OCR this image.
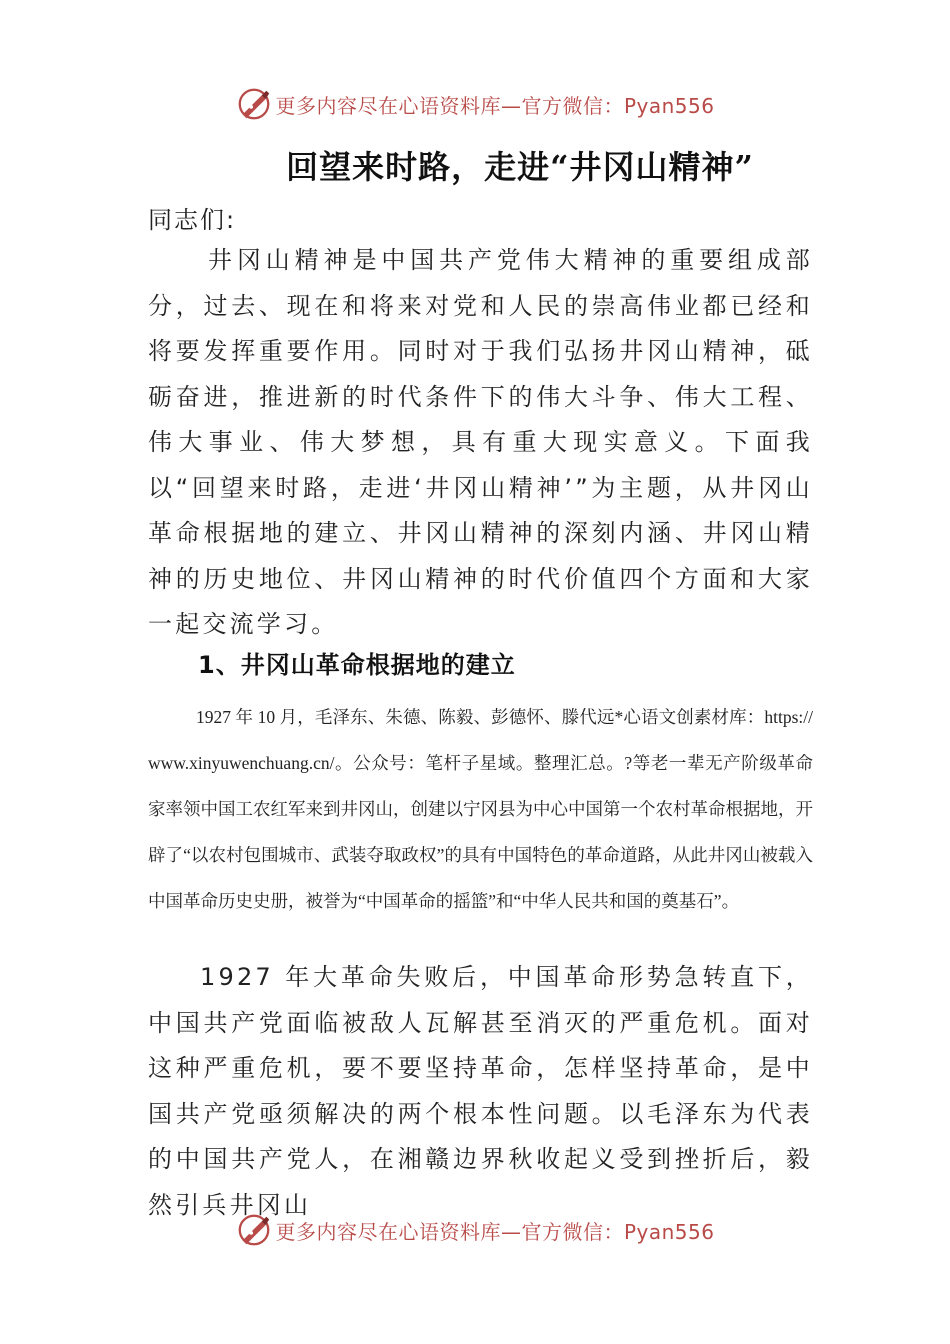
更多内容尽在心语资料库—官方微信：Pyan556
回望来时路，走进“井冈山精神”
同志们:

井冈山精神是中国共产党伟大精神的重要组成部分，过去、现在和将来对党和人民的崇高伟业都已经和将要发挥重要作用。同时对于我们弘扬井冈山精神，砥砺奋进，推进新的时代条件下的伟大斗争、伟大工程、伟大事业、伟大梦想，具有重大现实意义。下面我以“回望来时路，走进‘井冈山精神’”为主题，从井冈山革命根据地的建立、井冈山精神的深刻内涵、井冈山精神的历史地位、井冈山精神的时代价值四个方面和大家一起交流学习。

1、井冈山革命根据地的建立

1927 年 10 月，毛泽东、朱德、陈毅、彭德怀、滕代远*心语文创素材库：https://www.xinyuwenchuang.cn/。公众号：笔杆子星域。整理汇总。?等老一辈无产阶级革命家率领中国工农红军来到井冈山，创建以宁冈县为中心中国第一个农村革命根据地，开辟了“以农村包围城市、武装夺取政权”的具有中国特色的革命道路，从此井冈山被载入中国革命历史史册，被誉为“中国革命的摇篮”和“中华人民共和国的奠基石”。

1927 年大革命失败后，中国革命形势急转直下，中国共产党面临被敌人瓦解甚至消灭的严重危机。面对这种严重危机，要不要坚持革命，怎样坚持革命，是中国共产党亟须解决的两个根本性问题。以毛泽东为代表的中国共产党人，在湘赣边界秋收起义受到挫折后，毅然引兵井冈山

更多内容尽在心语资料库—官方微信：Pyan556
